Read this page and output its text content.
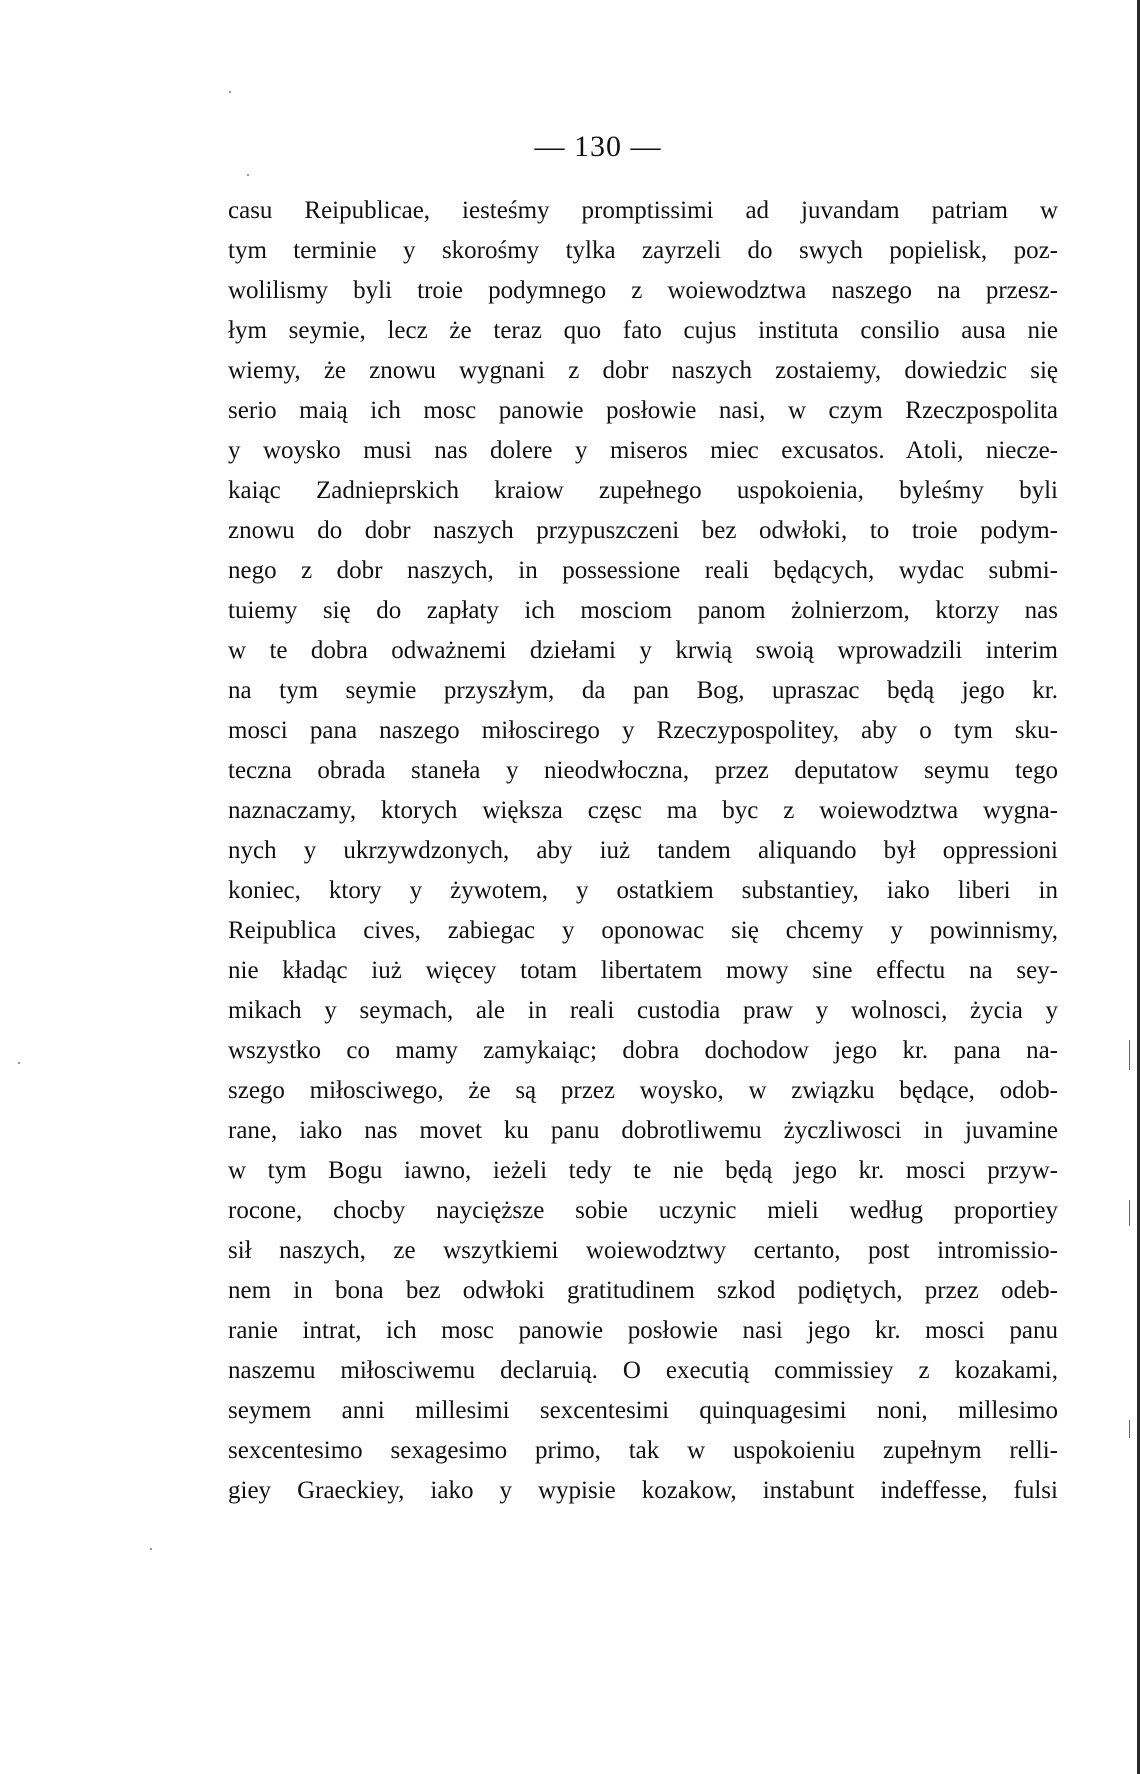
— 130 —
casu Reipublicae, iesteśmy promptissimi ad juvandam patriam w
tym terminie y skorośmy tylka zayrzeli do swych popielisk, poz-
wolilismy byli troie podymnego z woiewodztwa naszego na przesz-
łym seymie, lecz że teraz quo fato cujus instituta consilio ausa nie
wiemy, że znowu wygnani z dobr naszych zostaiemy, dowiedzic się
serio maią ich mosc panowie posłowie nasi, w czym Rzeczpospolita
y woysko musi nas dolere y miseros miec excusatos. Atoli, niecze-
kaiąc Zadnieprskich kraiow zupełnego uspokoienia, byleśmy byli
znowu do dobr naszych przypuszczeni bez odwłoki, to troie podym-
nego z dobr naszych, in possessione reali będących, wydac submi-
tuiemy się do zapłaty ich mosciom panom żolnierzom, ktorzy nas
w te dobra odważnemi dziełami y krwią swoią wprowadzili interim
na tym seymie przyszłym, da pan Bog, upraszac będą jego kr.
mosci pana naszego miłoscirego y Rzeczypospolitey, aby o tym sku-
teczna obrada staneła y nieodwłoczna, przez deputatow seymu tego
naznaczamy, ktorych większa częsc ma byc z woiewodztwa wygna-
nych y ukrzywdzonych, aby iuż tandem aliquando był oppressioni
koniec, ktory y żywotem, y ostatkiem substantiey, iako liberi in
Reipublica cives, zabiegac y oponowac się chcemy y powinnismy,
nie kładąc iuż więcey totam libertatem mowy sine effectu na sey-
mikach y seymach, ale in reali custodia praw y wolnosci, życia y
wszystko co mamy zamykaiąc; dobra dochodow jego kr. pana na-
szego miłosciwego, że są przez woysko, w związku będące, odob-
rane, iako nas movet ku panu dobrotliwemu życzliwosci in juvamine
w tym Bogu iawno, ieżeli tedy te nie będą jego kr. mosci przyw-
rocone, chocby naycięższe sobie uczynic mieli według proportiey
sił naszych, ze wszytkiemi woiewodztwy certanto, post intromissio-
nem in bona bez odwłoki gratitudinem szkod podiętych, przez odeb-
ranie intrat, ich mosc panowie posłowie nasi jego kr. mosci panu
naszemu miłosciwemu declaruią. O executią commissiey z kozakami,
seymem anni millesimi sexcentesimi quinquagesimi noni, millesimo
sexcentesimo sexagesimo primo, tak w uspokoieniu zupełnym relli-
giey Graeckiey, iako y wypisie kozakow, instabunt indeffesse, fulsi
